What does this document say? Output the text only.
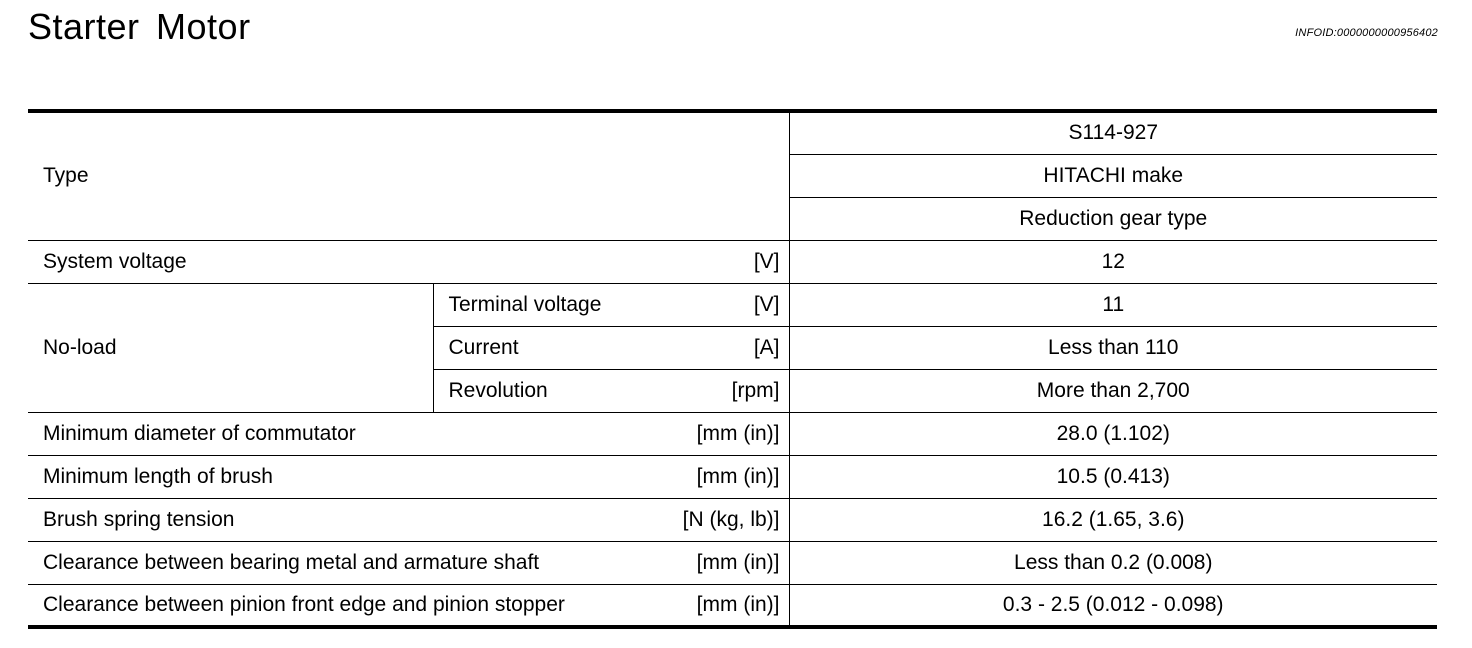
Starter Motor	INFOID:0000000000956402
Type			S114-927
			HITACHI make
			Reduction gear type
System voltage		[V]	12
No-load	Terminal voltage	[V]	11
	Current	[A]	Less than 110
	Revolution	[rpm]	More than 2,700
Minimum diameter of commutator		[mm (in)]	28.0 (1.102)
Minimum length of brush		[mm (in)]	10.5 (0.413)
Brush spring tension		[N (kg, lb)]	16.2 (1.65, 3.6)
Clearance between bearing metal and armature shaft		[mm (in)]	Less than 0.2 (0.008)
Clearance between pinion front edge and pinion stopper		[mm (in)]	0.3 - 2.5 (0.012 - 0.098)
